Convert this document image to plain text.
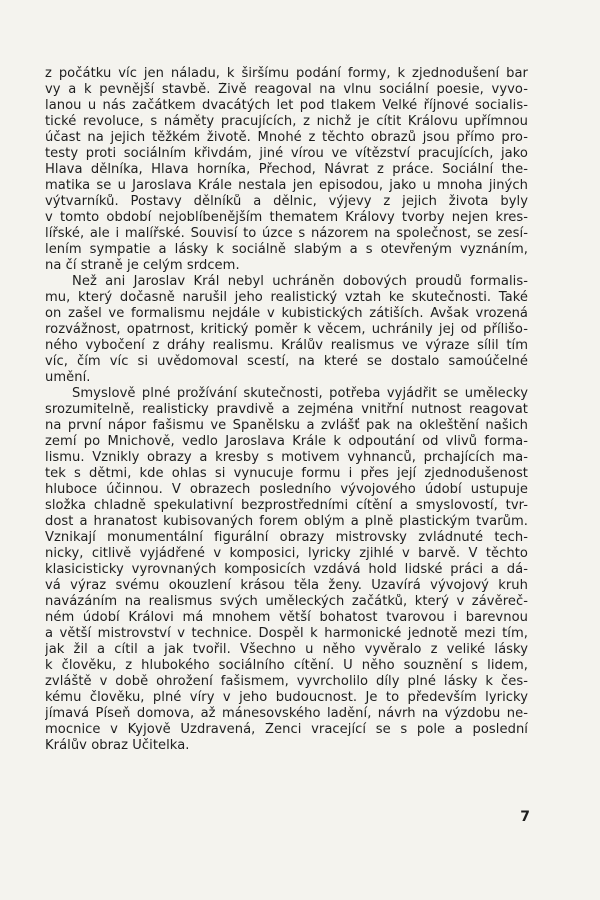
z počátku víc jen náladu, k širšímu podání formy, k zjednodušení bar
vy a k pevnější stavbě. Živě reagoval na vlnu sociální poesie, vyvo-
lanou u nás začátkem dvacátých let pod tlakem Velké říjnové socialis-
tické revoluce, s náměty pracujících, z nichž je cítit Královu upřímnou
účast na jejich těžkém životě. Mnohé z těchto obrazů jsou přímo pro-
testy proti sociálním křivdám, jiné vírou ve vítězství pracujících, jako
Hlava dělníka, Hlava horníka, Přechod, Návrat z práce. Sociální the-
matika se u Jaroslava Krále nestala jen episodou, jako u mnoha jiných
výtvarníků. Postavy dělníků a dělnic, výjevy z jejich života byly
v tomto období nejoblíbenějším thematem Královy tvorby nejen kres-
lířské, ale i malířské. Souvisí to úzce s názorem na společnost, se zesí-
lením sympatie a lásky k sociálně slabým a s otevřeným vyznáním,
na čí straně je celým srdcem.
Než ani Jaroslav Král nebyl uchráněn dobových proudů formalis-
mu, který dočasně narušil jeho realistický vztah ke skutečnosti. Také
on zašel ve formalismu nejdále v kubistických zátiších. Avšak vrozená
rozvážnost, opatrnost, kritický poměr k věcem, uchránily jej od přílišo-
ného vybočení z dráhy realismu. Králův realismus ve výraze sílil tím
víc, čím víc si uvědomoval scestí, na které se dostalo samoúčelné
umění.
Smyslově plné prožívání skutečnosti, potřeba vyjádřit se umělecky
srozumitelně, realisticky pravdivě a zejména vnitřní nutnost reagovat
na první nápor fašismu ve Španělsku a zvlášť pak na okleštění našich
zemí po Mnichově, vedlo Jaroslava Krále k odpoutání od vlivů forma-
lismu. Vznikly obrazy a kresby s motivem vyhnanců, prchajících ma-
tek s dětmi, kde ohlas si vynucuje formu i přes její zjednodušenost
hluboce účinnou. V obrazech posledního vývojového údobí ustupuje
složka chladně spekulativní bezprostředními cítění a smyslovostí, tvr-
dost a hranatost kubisovaných forem oblým a plně plastickým tvarům.
Vznikají monumentální figurální obrazy mistrovsky zvládnuté tech-
nicky, citlivě vyjádřené v komposici, lyricky zjihlé v barvě. V těchto
klasicisticky vyrovnaných komposicích vzdává hold lidské práci a dá-
vá výraz svému okouzlení krásou těla ženy. Uzavírá vývojový kruh
navázáním na realismus svých uměleckých začátků, který v závěreč-
ném údobí Královi má mnohem větší bohatost tvarovou i barevnou
a větší mistrovství v technice. Dospěl k harmonické jednotě mezi tím,
jak žil a cítil a jak tvořil. Všechno u něho vyvěralo z veliké lásky
k člověku, z hlubokého sociálního cítění. U něho souznění s lidem,
zvláště v době ohrožení fašismem, vyvrcholilo díly plné lásky k čes-
kému člověku, plné víry v jeho budoucnost. Je to především lyricky
jímavá Píseň domova, až mánesovského ladění, návrh na výzdobu ne-
mocnice v Kyjově Uzdravená, Ženci vracející se s pole a poslední
Králův obraz Učitelka.
7
